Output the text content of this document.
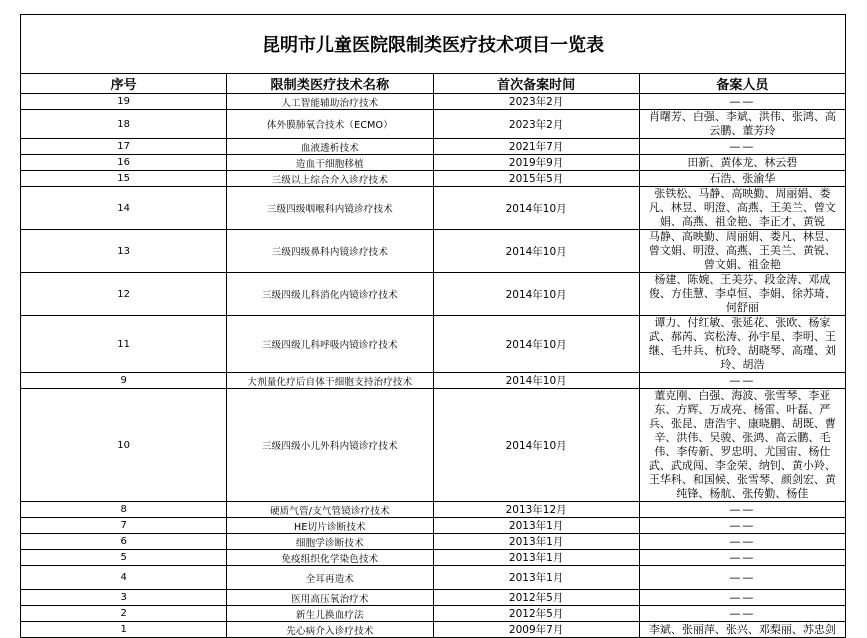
昆明市儿童医院限制类医疗技术项目一览表			
序号	限制类医疗技术名称	首次备案时间	备案人员
19	人工智能辅助治疗技术	2023年2月	——
18	体外膜肺氧合技术（ECMO）	2023年2月	肖曙芳、白强、李斌、洪伟、张鸿、高云鹏、董芳玲
17	血液透析技术	2021年7月	——
16	造血干细胞移植	2019年9月	田新、黄体龙、林云碧
15	三级以上综合介入诊疗技术	2015年5月	石浩、张渝华
14	三级四级咽喉科内镜诊疗技术	2014年10月	张铁松、马静、高映勤、周丽娟、娄凡、林昱、明澄、高燕、王美兰、曾文娟、高燕、祖金艳、李正才、黄锐
13	三级四级鼻科内镜诊疗技术	2014年10月	马静、高映勤、周丽娟、娄凡、林昱、曾文娟、明澄、高燕、王美兰、黄锐、曾文娟、祖金艳
12	三级四级儿科消化内镜诊疗技术	2014年10月	杨建、陈婉、王美芬、段金涛、邓成俊、方佳慧、李卓恒、李娟、徐苏琦、何舒丽
11	三级四级儿科呼吸内镜诊疗技术	2014年10月	谭力、付红敏、张延花、张欧、杨家武、郝芮、宾松涛、孙宇星、李明、王继、毛井兵、杭玲、胡晓琴、高瑾、刘玲、胡浩
9	大剂量化疗后自体干细胞支持治疗技术	2014年10月	——
10	三级四级小儿外科内镜诊疗技术	2014年10月	董克刚、白强、海波、张雪琴、李亚东、方辉、万成亮、杨雷、叶磊、严兵、张昆、唐浩宇、康晓鹏、胡既、曹辛、洪伟、吴骏、张鸿、高云鹏、毛伟、李传新、罗忠明、尤国宙、杨仕武、武成闯、李金荣、纳钊、黄小羚、王华科、和国候、张雪琴、颜剑宏、黄纯锋、杨航、张传勤、杨佳
8	硬质气管/支气管镜诊疗技术	2013年12月	——
7	HE切片诊断技术	2013年1月	——
6	细胞学诊断技术	2013年1月	——
5	免疫组织化学染色技术	2013年1月	——
4	全耳再造术	2013年1月	——
3	医用高压氧治疗术	2012年5月	——
2	新生儿换血疗法	2012年5月	——
1	先心病介入诊疗技术	2009年7月	李斌、张丽萍、张兴、邓梨丽、苏忠剑
